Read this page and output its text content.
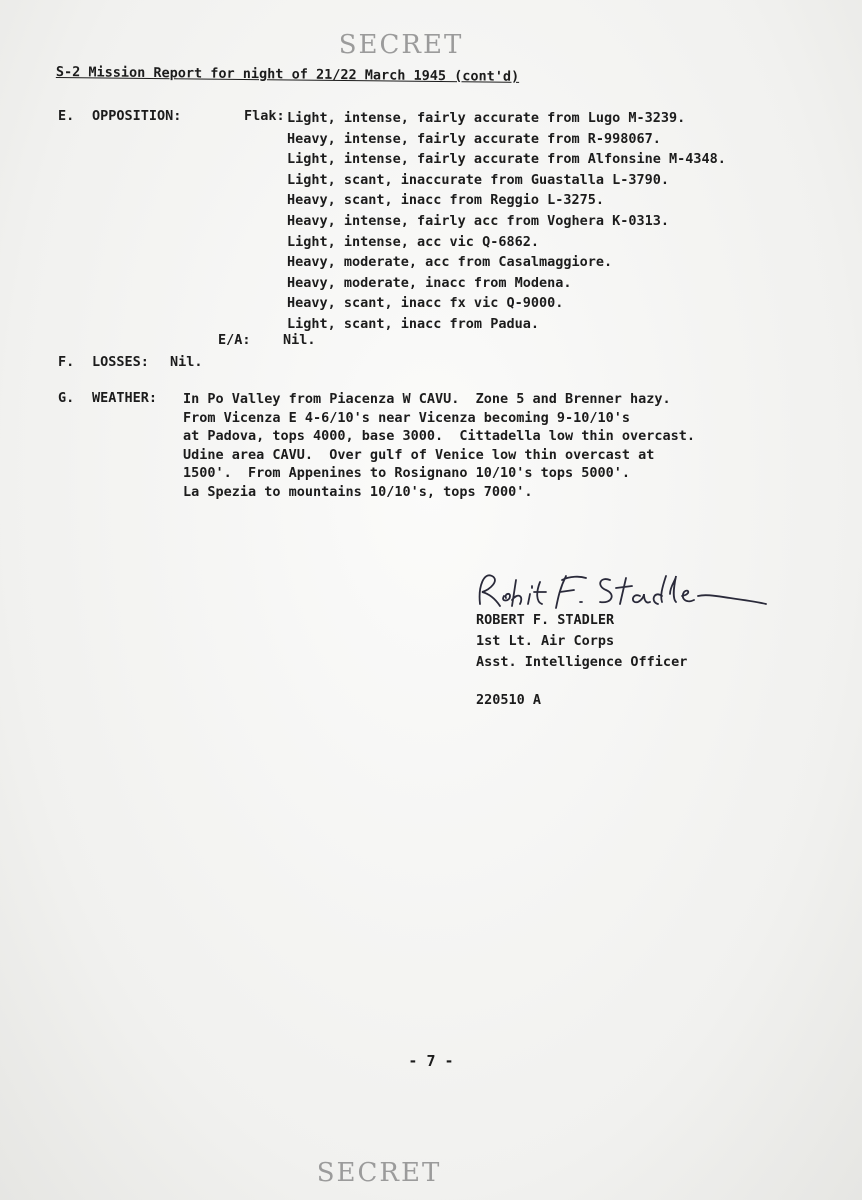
SECRET
S-2 Mission Report for night of 21/22 March 1945 (cont'd)
E. OPPOSITION:	Flak: Light, intense, fairly accurate from Lugo M-3239.
Heavy, intense, fairly accurate from R-998067.
Light, intense, fairly accurate from Alfonsine M-4348.
Light, scant, inaccurate from Guastalla L-3790.
Heavy, scant, inacc from Reggio L-3275.
Heavy, intense, fairly acc from Voghera K-0313.
Light, intense, acc vic Q-6862.
Heavy, moderate, acc from Casalmaggiore.
Heavy, moderate, inacc from Modena.
Heavy, scant, inacc fx vic Q-9000.
Light, scant, inacc from Padua.
E/A: Nil.
F. LOSSES: Nil.
G. WEATHER: In Po Valley from Piacenza W CAVU.  Zone 5 and Brenner hazy.
From Vicenza E 4-6/10's near Vicenza becoming 9-10/10's
at Padova, tops 4000, base 3000.  Cittadella low thin overcast.
Udine area CAVU.  Over gulf of Venice low thin overcast at
1500'.  From Appenines to Rosignano 10/10's tops 5000'.
La Spezia to mountains 10/10's, tops 7000'.
ROBERT F. STADLER
1st Lt. Air Corps
Asst. Intelligence Officer
220510 A
- 7 -
SECRET
